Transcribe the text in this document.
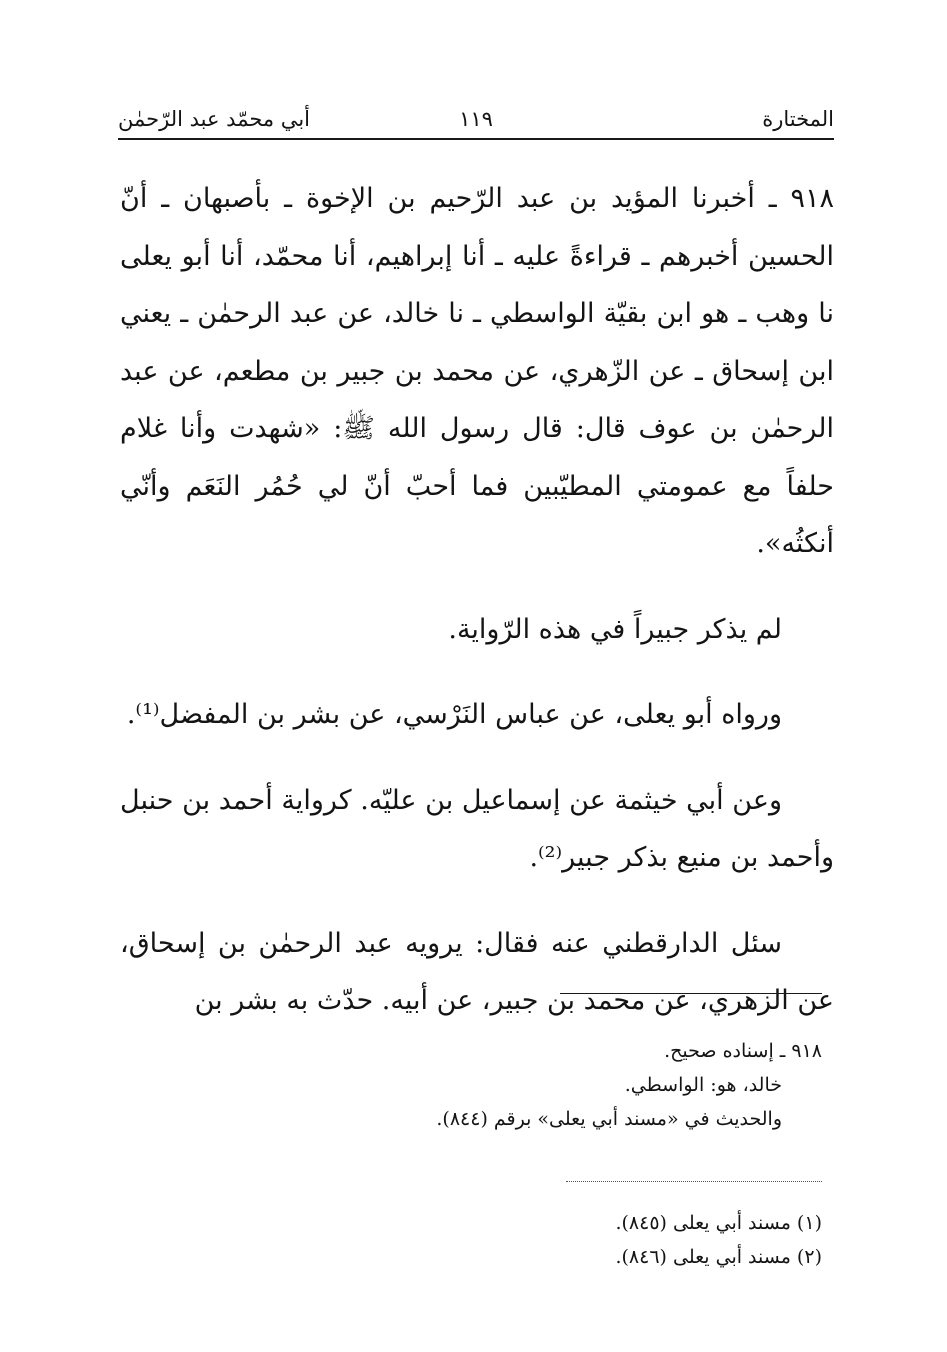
المختارة
١١٩
أبي محمّد عبد الرّحمٰن

٩١٨ ـ أخبرنا المؤيد بن عبد الرّحيم بن الإخوة ـ بأصبهان ـ أنّ الحسين أخبرهم ـ قراءةً عليه ـ أنا إبراهيم، أنا محمّد، أنا أبو يعلى نا وهب ـ هو ابن بقيّة الواسطي ـ نا خالد، عن عبد الرحمٰن ـ يعني ابن إسحاق ـ عن الزّهري، عن محمد بن جبير بن مطعم، عن عبد الرحمٰن بن عوف قال: قال رسول الله ﷺ: «شهدت وأنا غلام حلفاً مع عمومتي المطيّبين فما أحبّ أنّ لي حُمُر النَعَم وأنّي أنكثُه».

لم يذكر جبيراً في هذه الرّواية.

ورواه أبو يعلى، عن عباس النَرْسي، عن بشر بن المفضل⁽¹⁾.

وعن أبي خيثمة عن إسماعيل بن عليّه. كرواية أحمد بن حنبل وأحمد بن منيع بذكر جبير⁽²⁾.

سئل الدارقطني عنه فقال: يرويه عبد الرحمٰن بن إسحاق، عن الزهري، عن محمد بن جبير، عن أبيه. حدّث به بشر بن

٩١٨ ـ إسناده صحيح.
خالد، هو: الواسطي.
والحديث في «مسند أبي يعلى» برقم (٨٤٤).
(١) مسند أبي يعلى (٨٤٥).
(٢) مسند أبي يعلى (٨٤٦).
